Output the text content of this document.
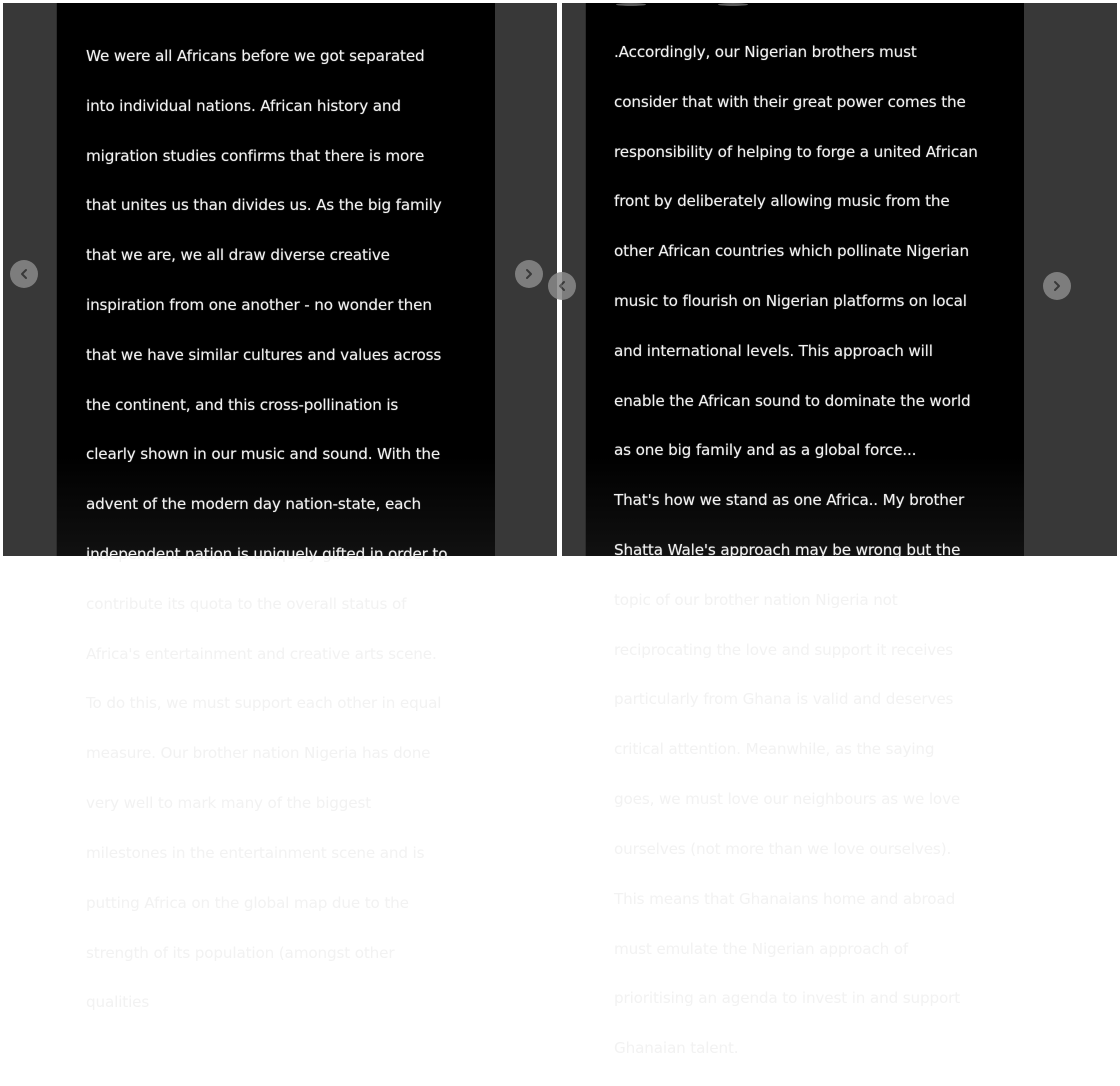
We were all Africans before we got separated

into individual nations. African history and

migration studies confirms that there is more

that unites us than divides us. As the big family

that we are, we all draw diverse creative

inspiration from one another - no wonder then

that we have similar cultures and values across

the continent, and this cross-pollination is

clearly shown in our music and sound. With the

advent of the modern day nation-state, each

independent nation is uniquely gifted in order to

contribute its quota to the overall status of

Africa's entertainment and creative arts scene.

To do this, we must support each other in equal

measure. Our brother nation Nigeria has done

very well to mark many of the biggest

milestones in the entertainment scene and is

putting Africa on the global map due to the

strength of its population (amongst other

qualities

.Accordingly, our Nigerian brothers must

consider that with their great power comes the

responsibility of helping to forge a united African

front by deliberately allowing music from the

other African countries which pollinate Nigerian

music to flourish on Nigerian platforms on local

and international levels. This approach will

enable the African sound to dominate the world

as one big family and as a global force...

That's how we stand as one Africa.. My brother

Shatta Wale's approach may be wrong but the

topic of our brother nation Nigeria not

reciprocating the love and support it receives

particularly from Ghana is valid and deserves

critical attention. Meanwhile, as the saying

goes, we must love our neighbours as we love

ourselves (not more than we love ourselves).

This means that Ghanaians home and abroad

must emulate the Nigerian approach of

prioritising an agenda to invest in and support

Ghanaian talent.
